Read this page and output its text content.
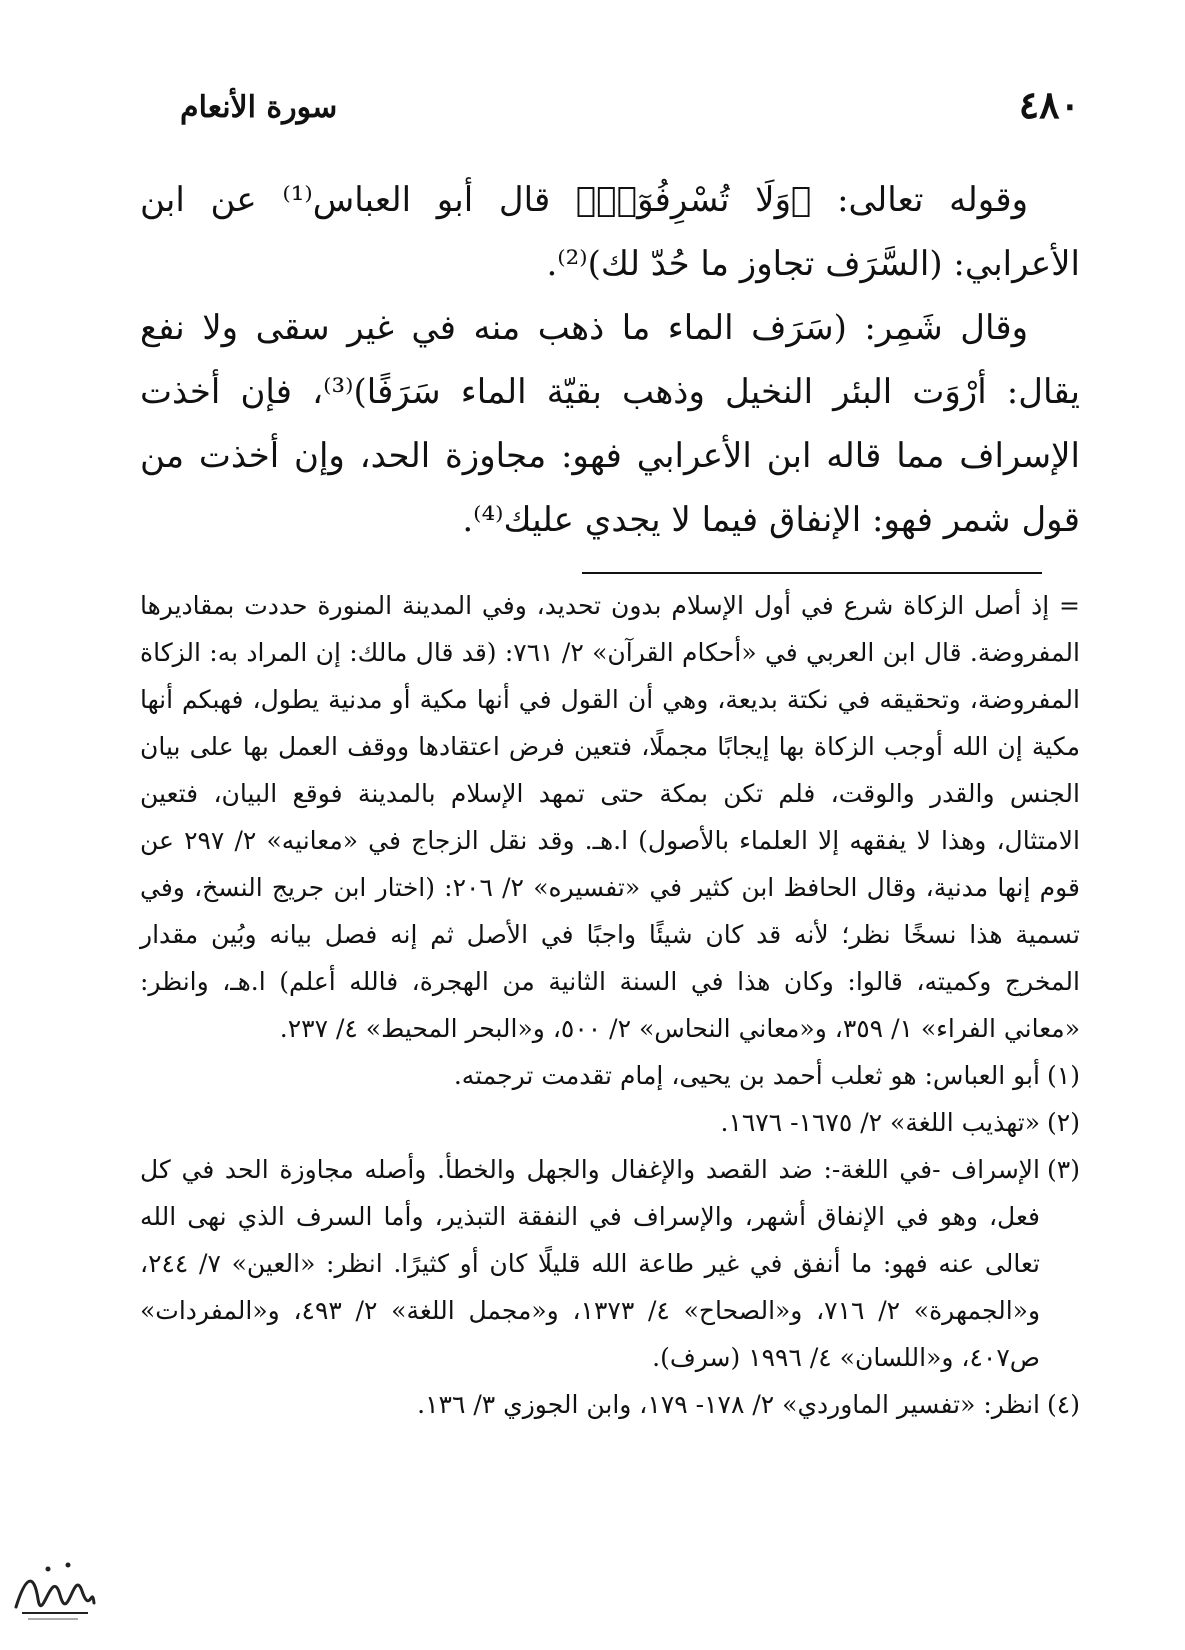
٤٨٠
سورة الأنعام

وقوله تعالى: ﴿وَلَا تُسْرِفُوٓا۟﴾ قال أبو العباس⁽¹⁾ عن ابن الأعرابي: (السَّرَف تجاوز ما حُدّ لك)⁽²⁾.

وقال شَمِر: (سَرَف الماء ما ذهب منه في غير سقى ولا نفع يقال: أرْوَت البئر النخيل وذهب بقيّة الماء سَرَفًا)⁽³⁾، فإن أخذت الإسراف مما قاله ابن الأعرابي فهو: مجاوزة الحد، وإن أخذت من قول شمر فهو: الإنفاق فيما لا يجدي عليك⁽⁴⁾.

= إذ أصل الزكاة شرع في أول الإسلام بدون تحديد، وفي المدينة المنورة حددت بمقاديرها المفروضة. قال ابن العربي في «أحكام القرآن» ٢/ ٧٦١: (قد قال مالك: إن المراد به: الزكاة المفروضة، وتحقيقه في نكتة بديعة، وهي أن القول في أنها مكية أو مدنية يطول، فهبكم أنها مكية إن الله أوجب الزكاة بها إيجابًا مجملًا، فتعين فرض اعتقادها ووقف العمل بها على بيان الجنس والقدر والوقت، فلم تكن بمكة حتى تمهد الإسلام بالمدينة فوقع البيان، فتعين الامتثال، وهذا لا يفقهه إلا العلماء بالأصول) ا.هـ. وقد نقل الزجاج في «معانيه» ٢/ ٢٩٧ عن قوم إنها مدنية، وقال الحافظ ابن كثير في «تفسيره» ٢/ ٢٠٦: (اختار ابن جريج النسخ، وفي تسمية هذا نسخًا نظر؛ لأنه قد كان شيئًا واجبًا في الأصل ثم إنه فصل بيانه وبُين مقدار المخرج وكميته، قالوا: وكان هذا في السنة الثانية من الهجرة، فالله أعلم) ا.هـ، وانظر: «معاني الفراء» ١/ ٣٥٩، و«معاني النحاس» ٢/ ٥٠٠، و«البحر المحيط» ٤/ ٢٣٧.

(١)
أبو العباس: هو ثعلب أحمد بن يحيى، إمام تقدمت ترجمته.
(٢)
«تهذيب اللغة» ٢/ ١٦٧٥- ١٦٧٦.
(٣)
الإسراف -في اللغة-: ضد القصد والإغفال والجهل والخطأ. وأصله مجاوزة الحد في كل فعل، وهو في الإنفاق أشهر، والإسراف في النفقة التبذير، وأما السرف الذي نهى الله تعالى عنه فهو: ما أنفق في غير طاعة الله قليلًا كان أو كثيرًا. انظر: «العين» ٧/ ٢٤٤، و«الجمهرة» ٢/ ٧١٦، و«الصحاح» ٤/ ١٣٧٣، و«مجمل اللغة» ٢/ ٤٩٣، و«المفردات» ص٤٠٧، و«اللسان» ٤/ ١٩٩٦ (سرف).
(٤)
انظر: «تفسير الماوردي» ٢/ ١٧٨- ١٧٩، وابن الجوزي ٣/ ١٣٦.
